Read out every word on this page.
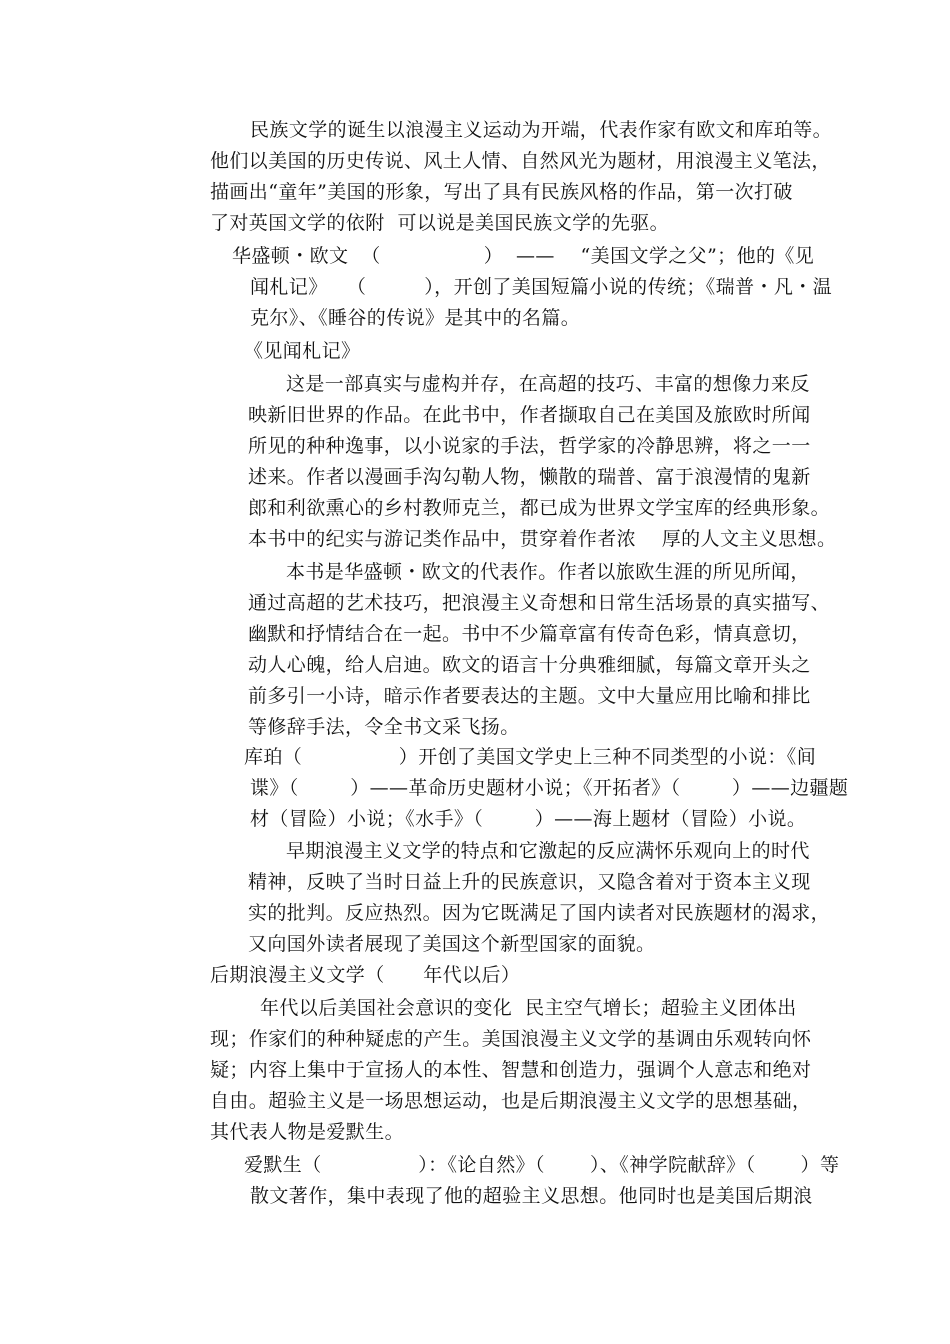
民族文学的诞生以浪漫主义运动为开端，代表作家有欧文和库珀等。
他们以美国的历史传说、风土人情、自然风光为题材，用浪漫主义笔法，
描画出“童年”美国的形象，写出了具有民族风格的作品，第一次打破
了对英国文学的依附  可以说是美国民族文学的先驱。
华盛顿・欧文  （                ）  ——    “美国文学之父”；他的《见
闻札记》   （         ），开创了美国短篇小说的传统；《瑞普・凡・温
克尔》、《睡谷的传说》是其中的名篇。
《见闻札记》
这是一部真实与虚构并存，在高超的技巧、丰富的想像力来反
映新旧世界的作品。在此书中，作者撷取自己在美国及旅欧时所闻
所见的种种逸事，以小说家的手法，哲学家的冷静思辨，将之一一
述来。作者以漫画手沟勾勒人物，懒散的瑞普、富于浪漫情的鬼新
郎和利欲熏心的乡村教师克兰，都已成为世界文学宝库的经典形象。
本书中的纪实与游记类作品中，贯穿着作者浓    厚的人文主义思想。
本书是华盛顿・欧文的代表作。作者以旅欧生涯的所见所闻，
通过高超的艺术技巧，把浪漫主义奇想和日常生活场景的真实描写、
幽默和抒情结合在一起。书中不少篇章富有传奇色彩，情真意切，
动人心魄，给人启迪。欧文的语言十分典雅细腻，每篇文章开头之
前多引一小诗，暗示作者要表达的主题。文中大量应用比喻和排比
等修辞手法，令全书文采飞扬。
库珀（               ）开创了美国文学史上三种不同类型的小说：《间
谍》（        ）——革命历史题材小说；《开拓者》（        ）——边疆题
材（冒险）小说；《水手》（        ）——海上题材（冒险）小说。
早期浪漫主义文学的特点和它激起的反应满怀乐观向上的时代
精神，反映了当时日益上升的民族意识，又隐含着对于资本主义现
实的批判。反应热烈。因为它既满足了国内读者对民族题材的渴求，
又向国外读者展现了美国这个新型国家的面貌。
后期浪漫主义文学（      年代以后）
年代以后美国社会意识的变化  民主空气增长；超验主义团体出
现；作家们的种种疑虑的产生。美国浪漫主义文学的基调由乐观转向怀
疑；内容上集中于宣扬人的本性、智慧和创造力，强调个人意志和绝对
自由。超验主义是一场思想运动，也是后期浪漫主义文学的思想基础，
其代表人物是爱默生。
爱默生（               ）：《论自然》（       ）、《神学院献辞》（       ）等
散文著作，集中表现了他的超验主义思想。他同时也是美国后期浪
